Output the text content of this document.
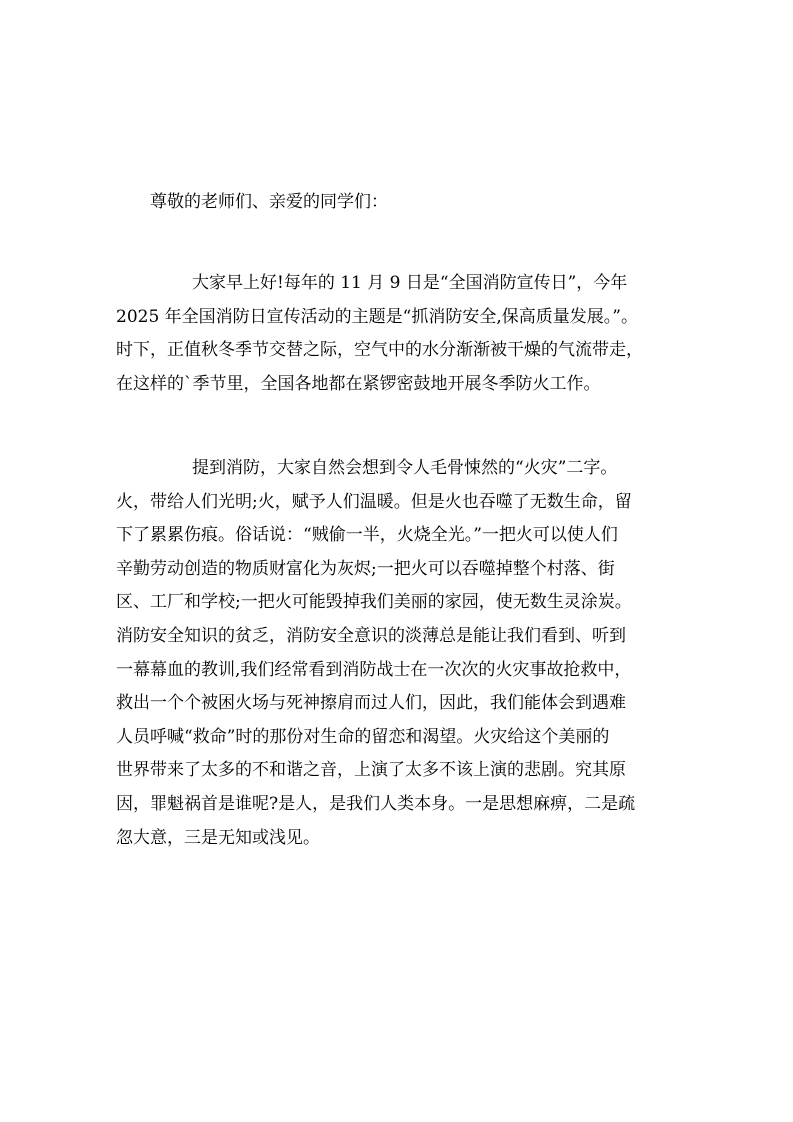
尊敬的老师们、亲爱的同学们：
大家早上好!每年的 11 月 9 日是“全国消防宣传日”，今年
2025 年全国消防日宣传活动的主题是“抓消防安全,保高质量发展。”。
时下，正值秋冬季节交替之际，空气中的水分渐渐被干燥的气流带走，
在这样的`季节里，全国各地都在紧锣密鼓地开展冬季防火工作。
提到消防，大家自然会想到令人毛骨悚然的“火灾”二字。
火，带给人们光明;火，赋予人们温暖。但是火也吞噬了无数生命，留
下了累累伤痕。俗话说：“贼偷一半，火烧全光。”一把火可以使人们
辛勤劳动创造的物质财富化为灰烬;一把火可以吞噬掉整个村落、街
区、工厂和学校;一把火可能毁掉我们美丽的家园，使无数生灵涂炭。
消防安全知识的贫乏，消防安全意识的淡薄总是能让我们看到、听到
一幕幕血的教训,我们经常看到消防战士在一次次的火灾事故抢救中，
救出一个个被困火场与死神擦肩而过人们，因此，我们能体会到遇难
人员呼喊“救命”时的那份对生命的留恋和渴望。火灾给这个美丽的
世界带来了太多的不和谐之音，上演了太多不该上演的悲剧。究其原
因，罪魁祸首是谁呢?是人，是我们人类本身。一是思想麻痹，二是疏
忽大意，三是无知或浅见。
